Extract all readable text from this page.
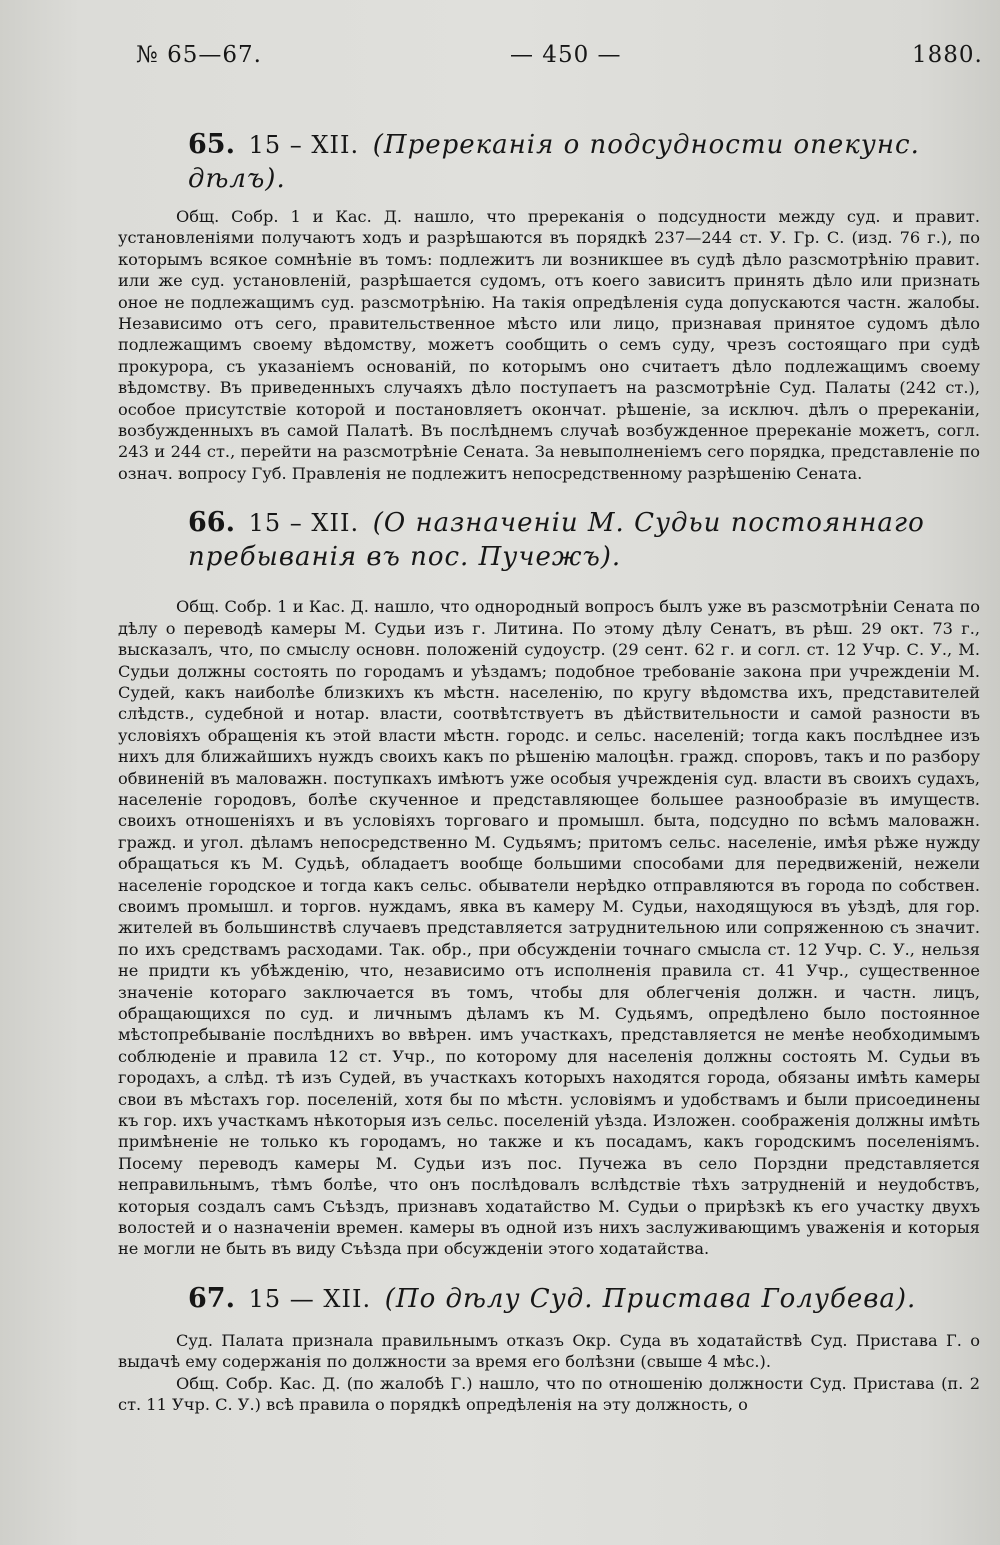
№ 65—67.	— 450 —	1880.
65. 15 – XII. (Пререканія о подсудности опекунс. дѣлъ).

Общ. Собр. 1 и Кас. Д. нашло, что пререканія о подсудности между суд. и правит. установленіями получаютъ ходъ и разрѣшаются въ порядкѣ 237—244 ст. У. Гр. С. (изд. 76 г.), по которымъ всякое сомнѣніе въ томъ: подлежитъ ли возникшее въ судѣ дѣло разсмотрѣнію правит. или же суд. установленій, разрѣшается судомъ, отъ коего зависитъ принять дѣло или признать оное не подлежащимъ суд. разсмотрѣнію. На такія опредѣленія суда допускаются частн. жалобы. Независимо отъ сего, правительственное мѣсто или лицо, признавая принятое судомъ дѣло подлежащимъ своему вѣдомству, можетъ сообщить о семъ суду, чрезъ состоящаго при судѣ прокурора, съ указаніемъ основаній, по которымъ оно считаетъ дѣло подлежащимъ своему вѣдомству. Въ приведенныхъ случаяхъ дѣло поступаетъ на разсмотрѣніе Суд. Палаты (242 ст.), особое присутствіе которой и постановляетъ окончат. рѣшеніе, за исключ. дѣлъ о пререканіи, возбужденныхъ въ самой Палатѣ. Въ послѣднемъ случаѣ возбужденное пререканіе можетъ, согл. 243 и 244 ст., перейти на разсмотрѣніе Сената. За невыполненіемъ сего порядка, представленіе по означ. вопросу Губ. Правленія не подлежитъ непосредственному разрѣшенію Сената.

66. 15 – XII. (О назначеніи М. Судьи постояннаго пребыванія въ пос. Пучежъ).

Общ. Собр. 1 и Кас. Д. нашло, что однородный вопросъ былъ уже въ разсмотрѣніи Сената по дѣлу о переводѣ камеры М. Судьи изъ г. Литина. По этому дѣлу Сенатъ, въ рѣш. 29 окт. 73 г., высказалъ, что, по смыслу основн. положеній судоустр. (29 сент. 62 г. и согл. ст. 12 Учр. С. У., М. Судьи должны состоять по городамъ и уѣздамъ; подобное требованіе закона при учрежденіи М. Судей, какъ наиболѣе близкихъ къ мѣстн. населенію, по кругу вѣдомства ихъ, представителей слѣдств., судебной и нотар. власти, соотвѣтствуетъ въ дѣйствительности и самой разности въ условіяхъ обращенія къ этой власти мѣстн. городс. и сельс. населеній; тогда какъ послѣднее изъ нихъ для ближайшихъ нуждъ своихъ какъ по рѣшенію малоцѣн. гражд. споровъ, такъ и по разбору обвиненій въ маловажн. поступкахъ имѣютъ уже особыя учрежденія суд. власти въ своихъ судахъ, населеніе городовъ, болѣе скученное и представляющее большее разнообразіе въ имуществ. своихъ отношеніяхъ и въ условіяхъ торговаго и промышл. быта, подсудно по всѣмъ маловажн. гражд. и угол. дѣламъ непосредственно М. Судьямъ; притомъ сельс. населеніе, имѣя рѣже нужду обращаться къ М. Судьѣ, обладаетъ вообще большими способами для передвиженій, нежели населеніе городское и тогда какъ сельс. обыватели нерѣдко отправляются въ города по собствен. своимъ промышл. и торгов. нуждамъ, явка въ камеру М. Судьи, находящуюся въ уѣздѣ, для гор. жителей въ большинствѣ случаевъ представляется затруднительною или сопряженною съ значит. по ихъ средствамъ расходами. Так. обр., при обсужденіи точнаго смысла ст. 12 Учр. С. У., нельзя не придти къ убѣжденію, что, независимо отъ исполненія правила ст. 41 Учр., существенное значеніе котораго заключается въ томъ, чтобы для облегченія должн. и частн. лицъ, обращающихся по суд. и личнымъ дѣламъ къ М. Судьямъ, опредѣлено было постоянное мѣстопребываніе послѣднихъ во ввѣрен. имъ участкахъ, представляется не менѣе необходимымъ соблюденіе и правила 12 ст. Учр., по которому для населенія должны состоять М. Судьи въ городахъ, а слѣд. тѣ изъ Судей, въ участкахъ которыхъ находятся города, обязаны имѣть камеры свои въ мѣстахъ гор. поселеній, хотя бы по мѣстн. условіямъ и удобствамъ и были присоединены къ гор. ихъ участкамъ нѣкоторыя изъ сельс. поселеній уѣзда. Изложен. соображенія должны имѣть примѣненіе не только къ городамъ, но также и къ посадамъ, какъ городскимъ поселеніямъ. Посему переводъ камеры М. Судьи изъ пос. Пучежа въ село Порздни представляется неправильнымъ, тѣмъ болѣе, что онъ послѣдовалъ вслѣдствіе тѣхъ затрудненій и неудобствъ, которыя создалъ самъ Съѣздъ, признавъ ходатайство М. Судьи о прирѣзкѣ къ его участку двухъ волостей и о назначеніи времен. камеры въ одной изъ нихъ заслуживающимъ уваженія и которыя не могли не быть въ виду Съѣзда при обсужденіи этого ходатайства.

67. 15 — XII. (По дѣлу Суд. Пристава Голубева).

Суд. Палата признала правильнымъ отказъ Окр. Суда въ ходатайствѣ Суд. Пристава Г. о выдачѣ ему содержанія по должности за время его болѣзни (свыше 4 мѣс.).

Общ. Собр. Кас. Д. (по жалобѣ Г.) нашло, что по отношенію должности Суд. Пристава (п. 2 ст. 11 Учр. С. У.) всѣ правила о порядкѣ опредѣленія на эту должность, о
